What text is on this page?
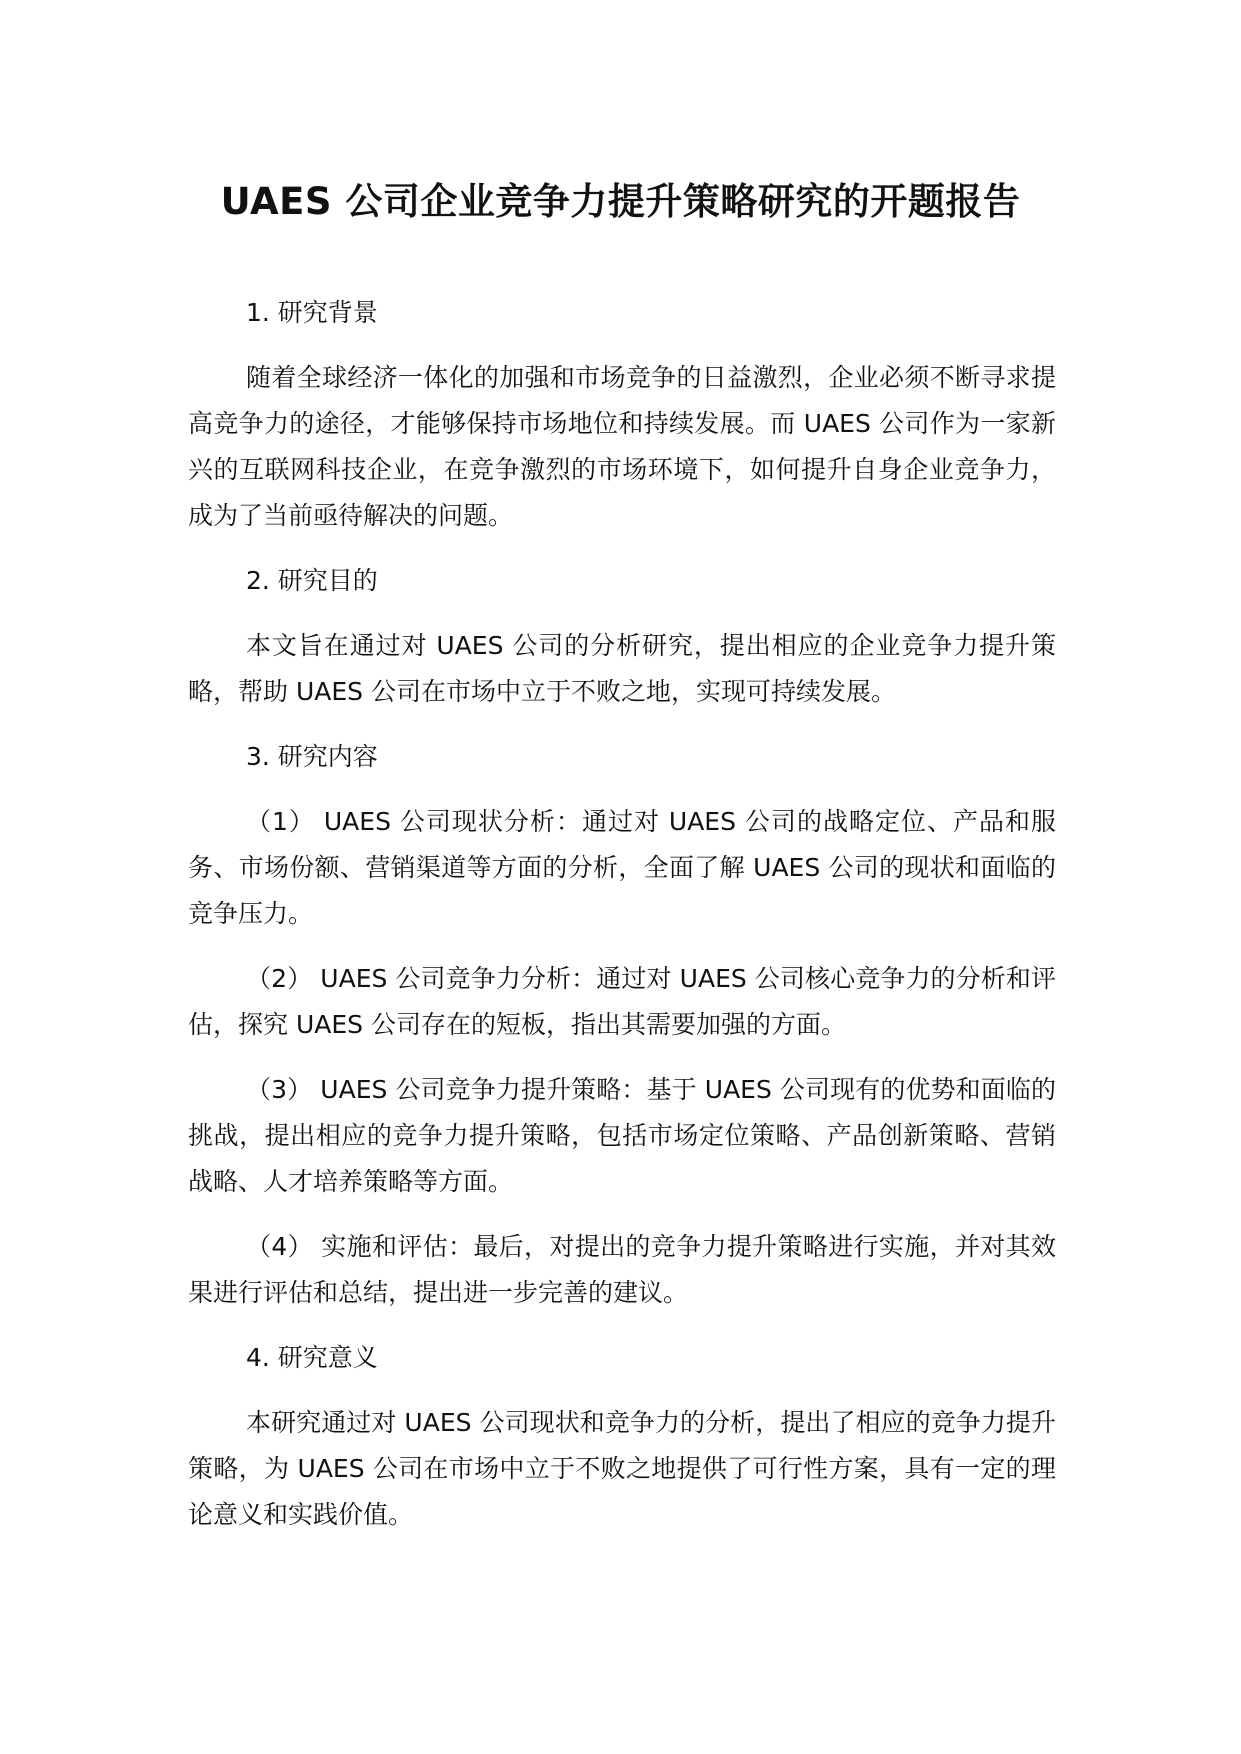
UAES 公司企业竞争力提升策略研究的开题报告

1. 研究背景

随着全球经济一体化的加强和市场竞争的日益激烈，企业必须不断寻求提高竞争力的途径，才能够保持市场地位和持续发展。而 UAES 公司作为一家新兴的互联网科技企业，在竞争激烈的市场环境下，如何提升自身企业竞争力，成为了当前亟待解决的问题。

2. 研究目的

本文旨在通过对 UAES 公司的分析研究，提出相应的企业竞争力提升策略，帮助 UAES 公司在市场中立于不败之地，实现可持续发展。

3. 研究内容

（1） UAES 公司现状分析：通过对 UAES 公司的战略定位、产品和服务、市场份额、营销渠道等方面的分析，全面了解 UAES 公司的现状和面临的竞争压力。

（2） UAES 公司竞争力分析：通过对 UAES 公司核心竞争力的分析和评估，探究 UAES 公司存在的短板，指出其需要加强的方面。

（3） UAES 公司竞争力提升策略：基于 UAES 公司现有的优势和面临的挑战，提出相应的竞争力提升策略，包括市场定位策略、产品创新策略、营销战略、人才培养策略等方面。

（4） 实施和评估：最后，对提出的竞争力提升策略进行实施，并对其效果进行评估和总结，提出进一步完善的建议。

4. 研究意义

本研究通过对 UAES 公司现状和竞争力的分析，提出了相应的竞争力提升策略，为 UAES 公司在市场中立于不败之地提供了可行性方案，具有一定的理论意义和实践价值。
